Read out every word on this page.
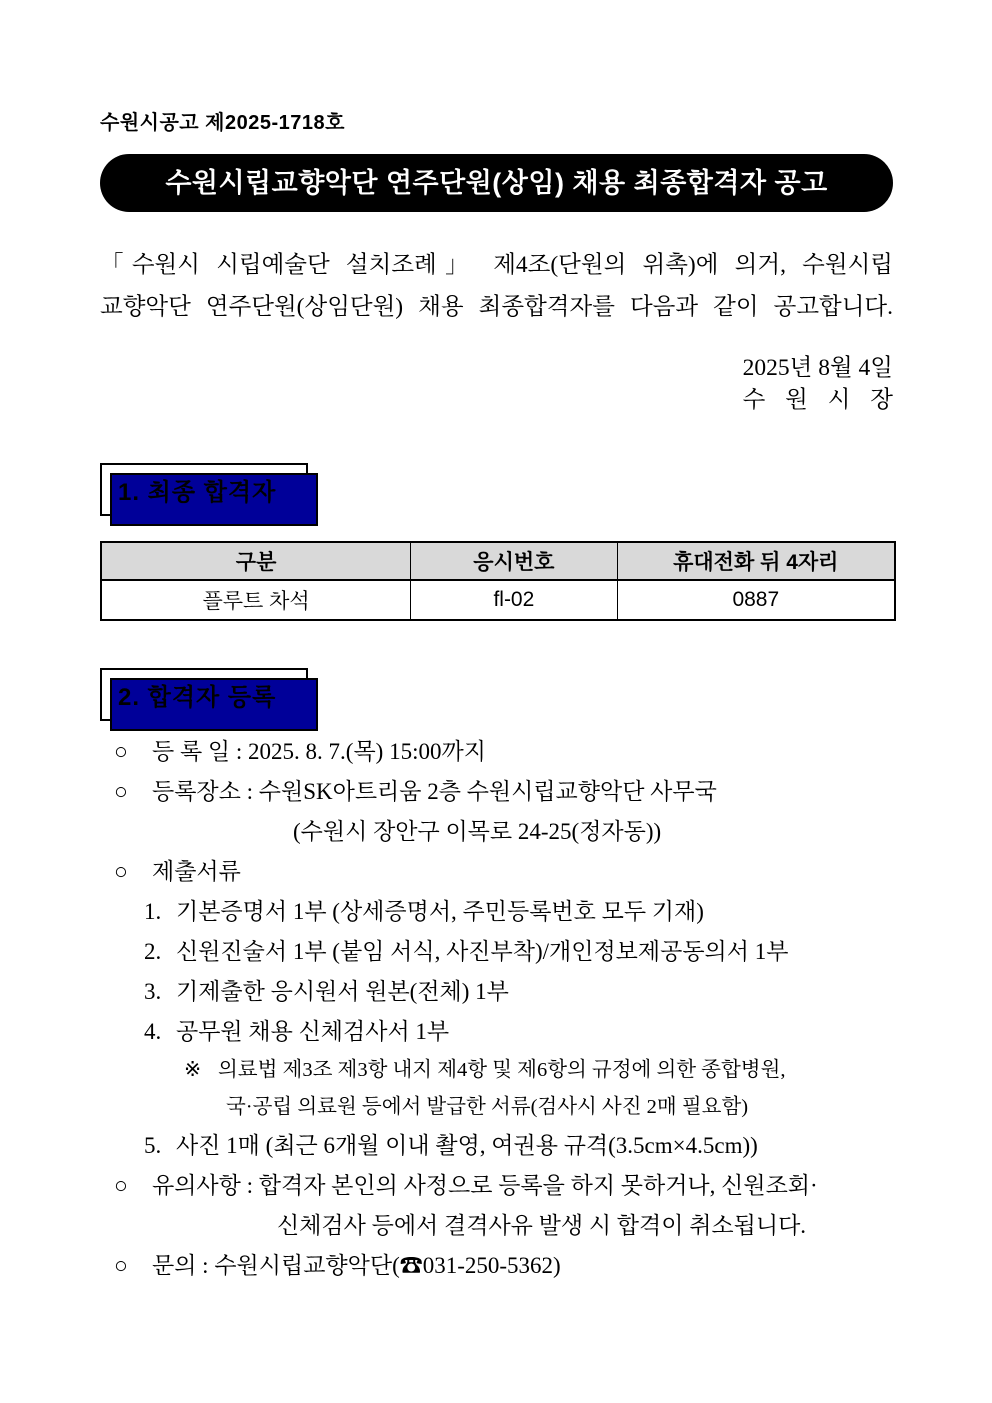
수원시공고 제2025-1718호
수원시립교향악단 연주단원(상임) 채용 최종합격자 공고
「수원시 시립예술단 설치조례」 제4조(단원의 위촉)에 의거, 수원시립
교향악단 연주단원(상임단원) 채용 최종합격자를 다음과 같이 공고합니다.
2025년 8월 4일
수 원 시 장
1. 최종 합격자
구분	응시번호	휴대전화 뒤 4자리
플루트 차석	fl-02	0887
2. 합격자 등록
○ 등 록 일 : 2025. 8. 7.(목) 15:00까지
○ 등록장소 : 수원SK아트리움 2층 수원시립교향악단 사무국
(수원시 장안구 이목로 24-25(정자동))
○ 제출서류
1. 기본증명서 1부 (상세증명서, 주민등록번호 모두 기재)
2. 신원진술서 1부 (붙임 서식, 사진부착)/개인정보제공동의서 1부
3. 기제출한 응시원서 원본(전체) 1부
4. 공무원 채용 신체검사서 1부
※ 의료법 제3조 제3항 내지 제4항 및 제6항의 규정에 의한 종합병원,
국·공립 의료원 등에서 발급한 서류(검사시 사진 2매 필요함)
5. 사진 1매 (최근 6개월 이내 촬영, 여권용 규격(3.5cm×4.5cm))
○ 유의사항 : 합격자 본인의 사정으로 등록을 하지 못하거나, 신원조회·
신체검사 등에서 결격사유 발생 시 합격이 취소됩니다.
○ 문의 : 수원시립교향악단(☎031-250-5362)
